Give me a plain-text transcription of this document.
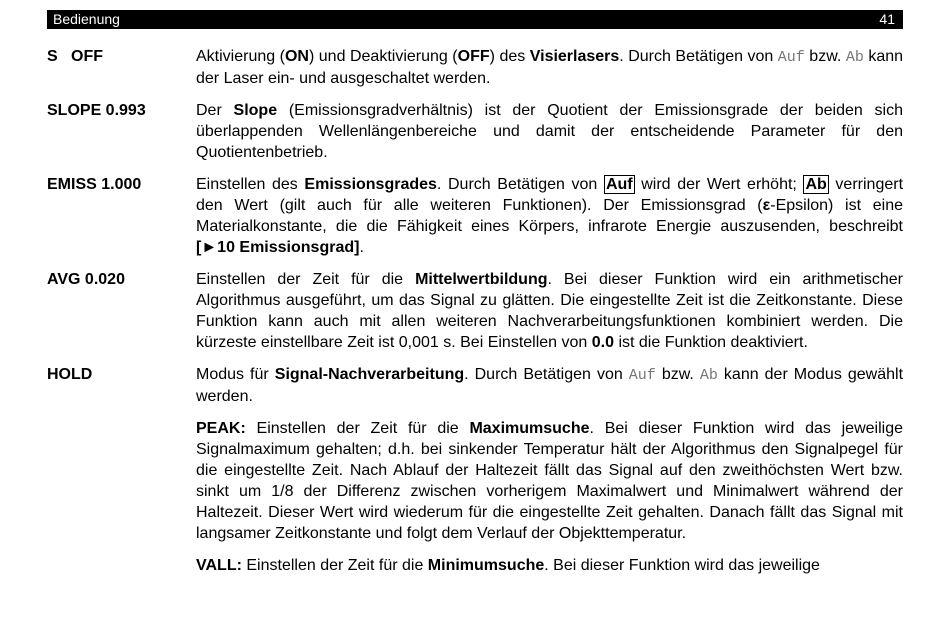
Bedienung	41
S   OFF	Aktivierung (ON) und Deaktivierung (OFF) des Visierlasers. Durch Betätigen von Auf bzw. Ab kann der Laser ein- und ausgeschaltet werden.

SLOPE 0.993	Der Slope (Emissionsgradverhältnis) ist der Quotient der Emissionsgrade der beiden sich überlappenden Wellenlängenbereiche und damit der entscheidende Parameter für den Quotientenbetrieb.

EMISS 1.000	Einstellen des Emissionsgrades. Durch Betätigen von Auf wird der Wert erhöht; Ab verringert den Wert (gilt auch für alle weiteren Funktionen). Der Emissionsgrad (ε-Epsilon) ist eine Materialkonstante, die die Fähigkeit eines Körpers, infrarote Energie auszusenden, beschreibt [►10 Emissionsgrad].

AVG 0.020	Einstellen der Zeit für die Mittelwertbildung. Bei dieser Funktion wird ein arithmetischer Algorithmus ausgeführt, um das Signal zu glätten. Die eingestellte Zeit ist die Zeitkonstante. Diese Funktion kann auch mit allen weiteren Nachverarbeitungsfunktionen kombiniert werden. Die kürzeste einstellbare Zeit ist 0,001 s. Bei Einstellen von 0.0 ist die Funktion deaktiviert.

HOLD	Modus für Signal-Nachverarbeitung. Durch Betätigen von Auf bzw. Ab kann der Modus gewählt werden.

PEAK: Einstellen der Zeit für die Maximumsuche. Bei dieser Funktion wird das jeweilige Signalmaximum gehalten; d.h. bei sinkender Temperatur hält der Algorithmus den Signalpegel für die eingestellte Zeit. Nach Ablauf der Haltezeit fällt das Signal auf den zweithöchsten Wert bzw. sinkt um 1/8 der Differenz zwischen vorherigem Maximalwert und Minimalwert während der Haltezeit. Dieser Wert wird wiederum für die eingestellte Zeit gehalten. Danach fällt das Signal mit langsamer Zeitkonstante und folgt dem Verlauf der Objekttemperatur.

VALL: Einstellen der Zeit für die Minimumsuche. Bei dieser Funktion wird das jeweilige
